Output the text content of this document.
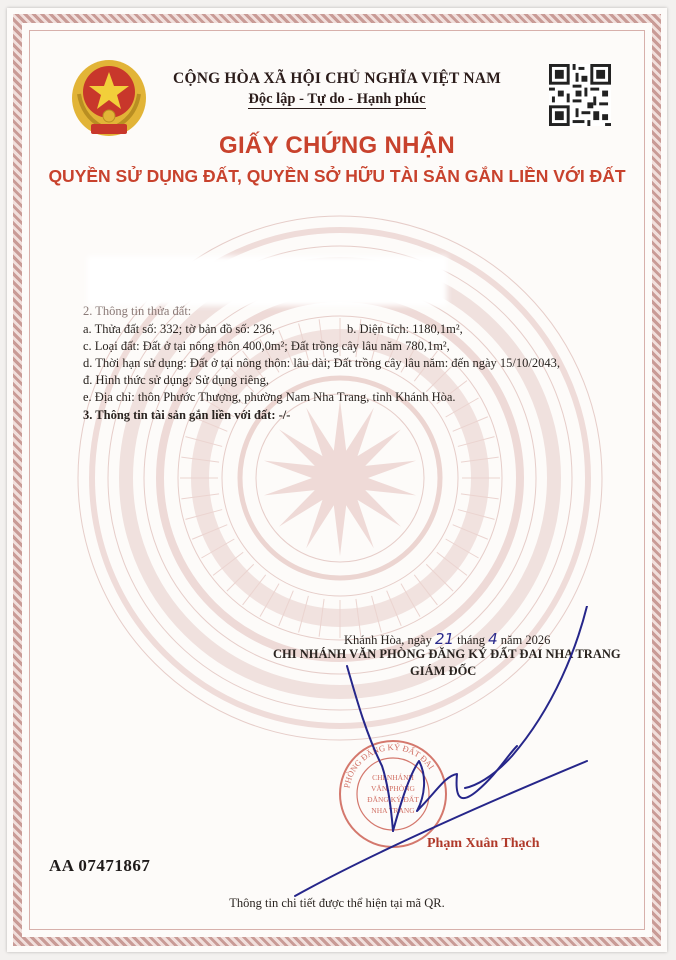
CỘNG HÒA XÃ HỘI CHỦ NGHĨA VIỆT NAM
Độc lập - Tự do - Hạnh phúc
GIẤY CHỨNG NHẬN
QUYỀN SỬ DỤNG ĐẤT, QUYỀN SỞ HỮU TÀI SẢN GẮN LIỀN VỚI ĐẤT
2. Thông tin thửa đất:
a. Thửa đất số: 332; tờ bản đồ số: 236,	b. Diện tích: 1180,1m²,
c. Loại đất: Đất ở tại nông thôn 400,0m²; Đất trồng cây lâu năm 780,1m²,
d. Thời hạn sử dụng: Đất ở tại nông thôn: lâu dài; Đất trồng cây lâu năm: đến ngày 15/10/2043,
đ. Hình thức sử dụng: Sử dụng riêng,
e. Địa chỉ: thôn Phước Thượng, phường Nam Nha Trang, tỉnh Khánh Hòa.
3. Thông tin tài sản gắn liền với đất: -/-
Khánh Hòa, ngày 21 tháng 4 năm 2026
CHI NHÁNH VĂN PHÒNG ĐĂNG KÝ ĐẤT ĐAI NHA TRANG
GIÁM ĐỐC
PHÒNG ĐĂNG KÝ ĐẤT ĐAI
CHI NHÁNH
VĂN PHÒNG
ĐĂNG KÝ ĐẤT
NHA TRANG
Phạm Xuân Thạch
AA 07471867
Thông tin chi tiết được thể hiện tại mã QR.
